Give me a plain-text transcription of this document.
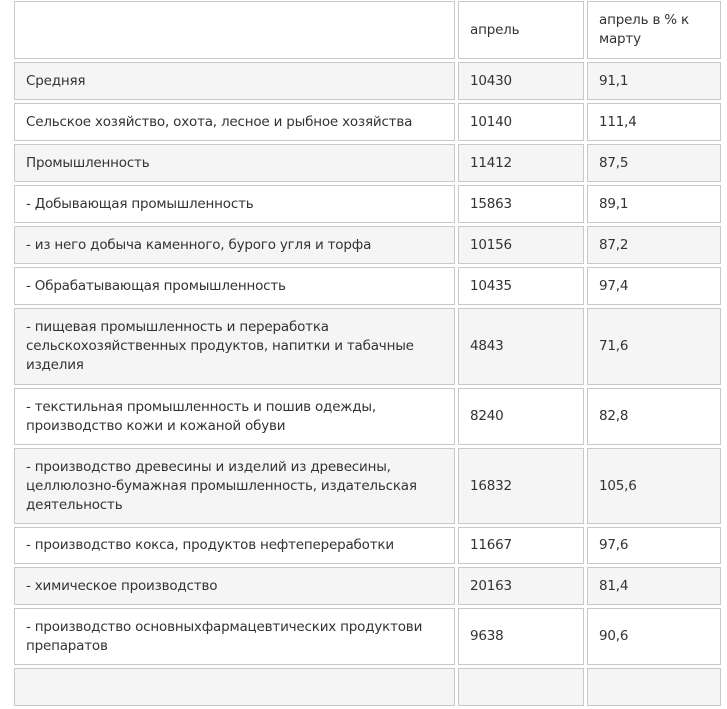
	апрель	апрель в % к марту
Средняя	10430	91,1
Сельское хозяйство, охота, лесное и рыбное хозяйства	10140	111,4
Промышленность	11412	87,5
- Добывающая промышленность	15863	89,1
- из него добыча каменного, бурого угля и торфа	10156	87,2
- Обрабатывающая промышленность	10435	97,4
- пищевая промышленность и переработка сельскохозяйственных продуктов, напитки и табачные изделия	4843	71,6
- текстильная промышленность и пошив одежды, производство кожи и кожаной обуви	8240	82,8
- производство древесины и изделий из древесины, целлюлозно-бумажная промышленность, издательская деятельность	16832	105,6
- производство кокса, продуктов нефтепереработки	11667	97,6
- химическое производство	20163	81,4
- производство основныхфармацевтических продуктови препаратов	9638	90,6
